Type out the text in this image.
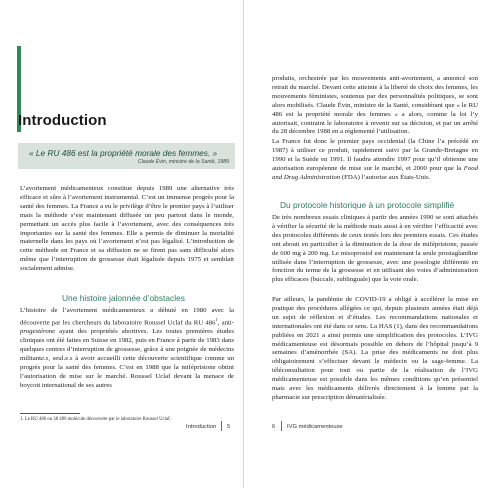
Introduction
« Le RU 486 est la propriété morale des femmes. »
Claude Évin, ministre de la Santé, 1989
L’avortement médicamenteux constitue depuis 1989 une alternative très efficace et sûre à l’avortement instrumental. C’est un immense progrès pour la santé des femmes. La France a eu le privilège d’être le premier pays à l’utiliser mais la méthode s’est maintenant diffusée un peu partout dans le monde, permettant un accès plus facile à l’avortement, avec des conséquences très importantes sur la santé des femmes. Elle a permis de diminuer la mortalité maternelle dans les pays où l’avortement n’est pas légalisé. L’introduction de cette méthode en France et sa diffusion ne se firent pas sans difficulté alors même que l’interruption de grossesse était légalisée depuis 1975 et semblait socialement admise.
Une histoire jalonnée d’obstacles
L’histoire de l’avortement médicamenteux a débuté en 1980 avec la découverte par les chercheurs du laboratoire Roussel Uclaf du RU $486^1$, anti-progestérone ayant des propriétés abortives. Les toutes premières études cliniques ont été faites en Suisse en 1982, puis en France à partir de 1983 dans quelques centres d’interruption de grossesse, grâce à une poignée de médecins militante.s, seul.e.s à avoir accueilli cette découverte scientifique comme un progrès pour la santé des femmes. C’est en 1988 que la mifépristone obtint l’autorisation de mise sur le marché. Roussel Uclaf devant la menace de boycott international de ses autres
1. Le RU 486 ou 38 486 molécule découverte par le laboratoire Roussel Uclaf.
Introduction 5
produits, orchestrée par les mouvements anti-avortement, a annoncé son retrait du marché. Devant cette atteinte à la liberté de choix des femmes, les mouvements féministes, soutenus par des personnalités politiques, se sont alors mobilisés. Claude Évin, ministre de la Santé, considérant que « le RU 486 est la propriété morale des femmes » a alors, comme la loi l’y autorisait, contraint le laboratoire à revenir sur sa décision, et par un arrêté du 28 décembre 1988 en a réglementé l’utilisation.
La France fut donc le premier pays occidental (la Chine l’a précédé en 1987) à utiliser ce produit, rapidement suivi par la Grande-Bretagne en 1990 et la Suède en 1991. Il faudra attendre 1997 pour qu’il obtienne une autorisation européenne de mise sur le marché, et 2000 pour que la Food and Drug Administration (FDA) l’autorise aux États-Unis.
Du protocole historique à un protocole simplifié
De très nombreux essais cliniques à partir des années 1990 se sont attachés à vérifier la sécurité de la méthode mais aussi à en vérifier l’efficacité avec des protocoles différents de ceux testés lors des premiers essais. Ces études ont abouti en particulier à la diminution de la dose de mifépristone, passée de 600 mg à 200 mg. Le misoprostol est maintenant la seule prostaglandine utilisée dans l’interruption de grossesse, avec une posologie différente en fonction du terme de la grossesse et en utilisant des voies d’administration plus efficaces (buccale, sublinguale) que la voie orale.
Par ailleurs, la pandémie de COVID-19 a obligé à accélérer la mise en pratique des procédures allégées ce qui, depuis plusieurs années était déjà un sujet de réflexion et d’études. Les recommandations nationales et internationales ont été dans ce sens. La HAS (1), dans des recommandations publiées en 2021 a ainsi permis une simplification des protocoles. L’IVG médicamenteuse est désormais possible en dehors de l’hôpital jusqu’à 9 semaines d’aménorrhée (SA). La prise des médicaments ne doit plus obligatoirement s’effectuer devant le médecin ou la sage-femme. La téléconsultation pour tout ou partie de la réalisation de l’IVG médicamenteuse est possible dans les mêmes conditions qu’en présentiel mais avec les médicaments délivrés directement à la femme par la pharmacie sur prescription dématérialisée.
6 IVG médicamenteuse
